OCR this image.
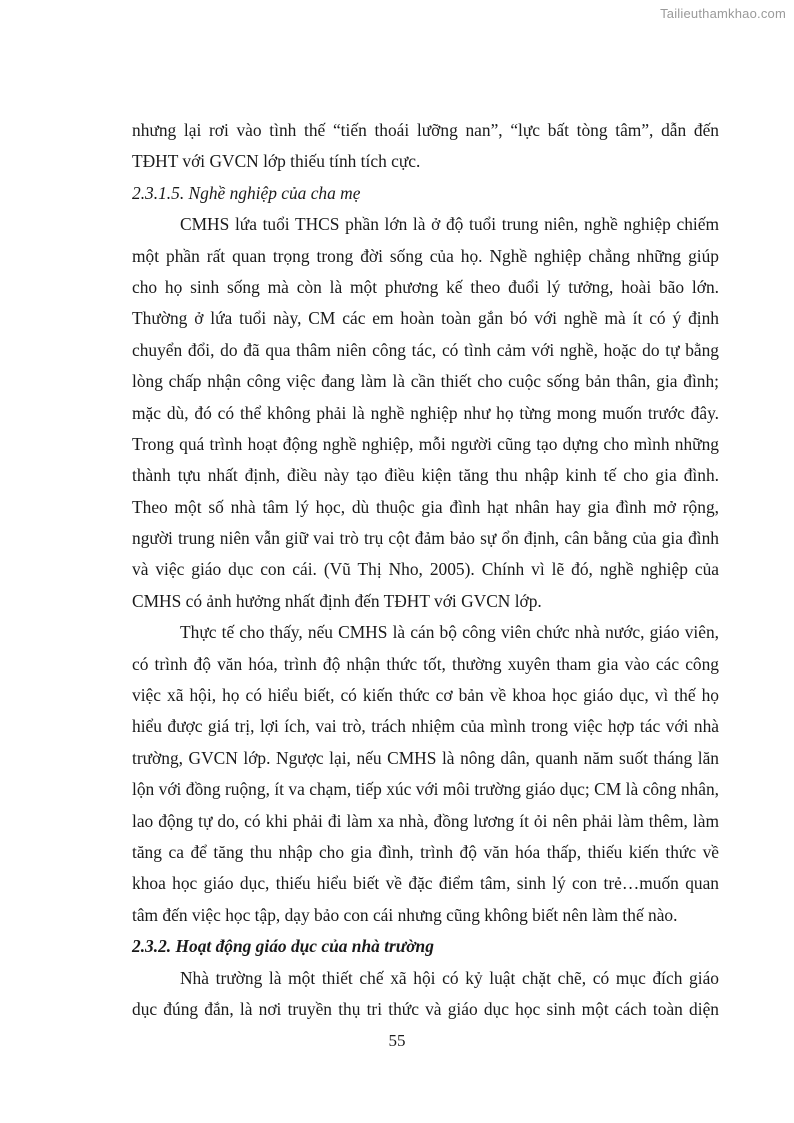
Tailieuthamkhao.com
nhưng lại rơi vào tình thế “tiến thoái lưỡng nan”, “lực bất tòng tâm”, dẫn đến
TĐHT với GVCN lớp thiếu tính tích cực.
2.3.1.5. Nghề nghiệp của cha mẹ
CMHS lứa tuổi THCS phần lớn là ở độ tuổi trung niên, nghề nghiệp chiếm
một phần rất quan trọng trong đời sống của họ. Nghề nghiệp chẳng những giúp
cho họ sinh sống mà còn là một phương kế theo đuổi lý tưởng, hoài bão lớn.
Thường ở lứa tuổi này, CM các em hoàn toàn gắn bó với nghề mà ít có ý định
chuyển đổi, do đã qua thâm niên công tác, có tình cảm với nghề, hoặc do tự bằng
lòng chấp nhận công việc đang làm là cần thiết cho cuộc sống bản thân, gia đình;
mặc dù, đó có thể không phải là nghề nghiệp như họ từng mong muốn trước đây.
Trong quá trình hoạt động nghề nghiệp, mỗi người cũng tạo dựng cho mình những
thành tựu nhất định, điều này tạo điều kiện tăng thu nhập kinh tế cho gia đình.
Theo một số nhà tâm lý học, dù thuộc gia đình hạt nhân hay gia đình mở rộng,
người trung niên vẫn giữ vai trò trụ cột đảm bảo sự ổn định, cân bằng của gia đình
và việc giáo dục con cái. (Vũ Thị Nho, 2005). Chính vì lẽ đó, nghề nghiệp của
CMHS có ảnh hưởng nhất định đến TĐHT với GVCN lớp.
Thực tế cho thấy, nếu CMHS là cán bộ công viên chức nhà nước, giáo viên,
có trình độ văn hóa, trình độ nhận thức tốt, thường xuyên tham gia vào các công
việc xã hội, họ có hiểu biết, có kiến thức cơ bản về khoa học giáo dục, vì thế họ
hiểu được giá trị, lợi ích, vai trò, trách nhiệm của mình trong việc hợp tác với nhà
trường, GVCN lớp. Ngược lại, nếu CMHS là nông dân, quanh năm suốt tháng lăn
lộn với đồng ruộng, ít va chạm, tiếp xúc với môi trường giáo dục; CM là công nhân,
lao động tự do, có khi phải đi làm xa nhà, đồng lương ít ỏi nên phải làm thêm, làm
tăng ca để tăng thu nhập cho gia đình, trình độ văn hóa thấp, thiếu kiến thức về
khoa học giáo dục, thiếu hiểu biết về đặc điểm tâm, sinh lý con trẻ…muốn quan
tâm đến việc học tập, dạy bảo con cái nhưng cũng không biết nên làm thế nào.
2.3.2. Hoạt động giáo dục của nhà trường
Nhà trường là một thiết chế xã hội có kỷ luật chặt chẽ, có mục đích giáo
dục đúng đắn, là nơi truyền thụ tri thức và giáo dục học sinh một cách toàn diện
55
